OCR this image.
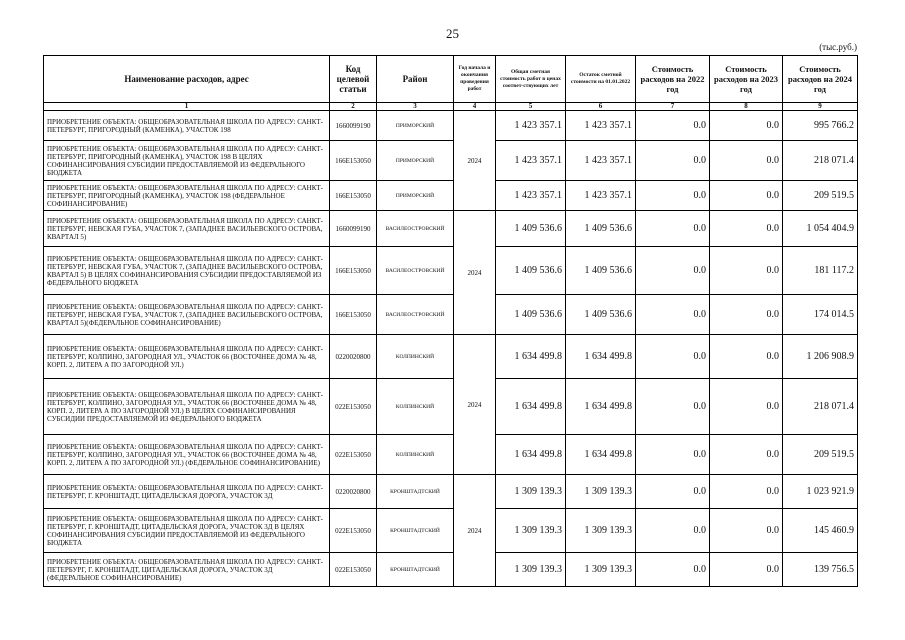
25
(тыс.руб.)
Наименование расходов, адрес	Код целевой статьи	Район	Год начала и окончания проведения работ	Общая сметная стоимость работ в ценах соответ-ствующих лет	Остаток сметной стоимости на 01.01.2022	Стоимость расходов на 2022 год	Стоимость расходов на 2023 год	Стоимость расходов на 2024 год
1	2	3	4	5	6	7	8	9
ПРИОБРЕТЕНИЕ ОБЪЕКТА: ОБЩЕОБРАЗОВАТЕЛЬНАЯ ШКОЛА ПО АДРЕСУ: САНКТ-ПЕТЕРБУРГ, ПРИГОРОДНЫЙ (КАМЕНКА), УЧАСТОК 198	1660099190	ПРИМОРСКИЙ	2024	1 423 357.1	1 423 357.1	0.0	0.0	995 766.2
ПРИОБРЕТЕНИЕ ОБЪЕКТА: ОБЩЕОБРАЗОВАТЕЛЬНАЯ ШКОЛА ПО АДРЕСУ: САНКТ-ПЕТЕРБУРГ, ПРИГОРОДНЫЙ (КАМЕНКА), УЧАСТОК 198 В ЦЕЛЯХ СОФИНАНСИРОВАНИЯ СУБСИДИИ ПРЕДОСТАВЛЯЕМОЙ ИЗ ФЕДЕРАЛЬНОГО БЮДЖЕТА	166E153050	ПРИМОРСКИЙ		1 423 357.1	1 423 357.1	0.0	0.0	218 071.4
ПРИОБРЕТЕНИЕ ОБЪЕКТА: ОБЩЕОБРАЗОВАТЕЛЬНАЯ ШКОЛА ПО АДРЕСУ: САНКТ-ПЕТЕРБУРГ, ПРИГОРОДНЫЙ (КАМЕНКА), УЧАСТОК 198 (ФЕДЕРАЛЬНОЕ СОФИНАНСИРОВАНИЕ)	166E153050	ПРИМОРСКИЙ		1 423 357.1	1 423 357.1	0.0	0.0	209 519.5
ПРИОБРЕТЕНИЕ ОБЪЕКТА: ОБЩЕОБРАЗОВАТЕЛЬНАЯ ШКОЛА ПО АДРЕСУ: САНКТ-ПЕТЕРБУРГ, НЕВСКАЯ ГУБА, УЧАСТОК 7, (ЗАПАДНЕЕ ВАСИЛЬЕВСКОГО ОСТРОВА, КВАРТАЛ 5)	1660099190	ВАСИЛЕОСТРОВСКИЙ	2024	1 409 536.6	1 409 536.6	0.0	0.0	1 054 404.9
ПРИОБРЕТЕНИЕ ОБЪЕКТА: ОБЩЕОБРАЗОВАТЕЛЬНАЯ ШКОЛА ПО АДРЕСУ: САНКТ-ПЕТЕРБУРГ, НЕВСКАЯ ГУБА, УЧАСТОК 7, (ЗАПАДНЕЕ ВАСИЛЬЕВСКОГО ОСТРОВА, КВАРТАЛ 5) В ЦЕЛЯХ СОФИНАНСИРОВАНИЯ СУБСИДИИ ПРЕДОСТАВЛЯЕМОЙ ИЗ ФЕДЕРАЛЬНОГО БЮДЖЕТА	166E153050	ВАСИЛЕОСТРОВСКИЙ		1 409 536.6	1 409 536.6	0.0	0.0	181 117.2
ПРИОБРЕТЕНИЕ ОБЪЕКТА: ОБЩЕОБРАЗОВАТЕЛЬНАЯ ШКОЛА ПО АДРЕСУ: САНКТ-ПЕТЕРБУРГ, НЕВСКАЯ ГУБА, УЧАСТОК 7, (ЗАПАДНЕЕ ВАСИЛЬЕВСКОГО ОСТРОВА, КВАРТАЛ 5)(ФЕДЕРАЛЬНОЕ СОФИНАНСИРОВАНИЕ)	166E153050	ВАСИЛЕОСТРОВСКИЙ		1 409 536.6	1 409 536.6	0.0	0.0	174 014.5
ПРИОБРЕТЕНИЕ ОБЪЕКТА: ОБЩЕОБРАЗОВАТЕЛЬНАЯ ШКОЛА ПО АДРЕСУ: САНКТ-ПЕТЕРБУРГ, КОЛПИНО, ЗАГОРОДНАЯ УЛ., УЧАСТОК 66 (ВОСТОЧНЕЕ ДОМА № 48, КОРП. 2, ЛИТЕРА А ПО ЗАГОРОДНОЙ УЛ.)	0220020800	КОЛПИНСКИЙ	2024	1 634 499.8	1 634 499.8	0.0	0.0	1 206 908.9
ПРИОБРЕТЕНИЕ ОБЪЕКТА: ОБЩЕОБРАЗОВАТЕЛЬНАЯ ШКОЛА ПО АДРЕСУ: САНКТ-ПЕТЕРБУРГ, КОЛПИНО, ЗАГОРОДНАЯ УЛ., УЧАСТОК 66 (ВОСТОЧНЕЕ ДОМА № 48, КОРП. 2, ЛИТЕРА А ПО ЗАГОРОДНОЙ УЛ.) В ЦЕЛЯХ СОФИНАНСИРОВАНИЯ СУБСИДИИ ПРЕДОСТАВЛЯЕМОЙ ИЗ ФЕДЕРАЛЬНОГО БЮДЖЕТА	022E153050	КОЛПИНСКИЙ		1 634 499.8	1 634 499.8	0.0	0.0	218 071.4
ПРИОБРЕТЕНИЕ ОБЪЕКТА: ОБЩЕОБРАЗОВАТЕЛЬНАЯ ШКОЛА ПО АДРЕСУ: САНКТ-ПЕТЕРБУРГ, КОЛПИНО, ЗАГОРОДНАЯ УЛ., УЧАСТОК 66 (ВОСТОЧНЕЕ ДОМА № 48, КОРП. 2, ЛИТЕРА А ПО ЗАГОРОДНОЙ УЛ.) (ФЕДЕРАЛЬНОЕ СОФИНАНСИРОВАНИЕ)	022E153050	КОЛПИНСКИЙ		1 634 499.8	1 634 499.8	0.0	0.0	209 519.5
ПРИОБРЕТЕНИЕ ОБЪЕКТА: ОБЩЕОБРАЗОВАТЕЛЬНАЯ ШКОЛА ПО АДРЕСУ: САНКТ-ПЕТЕРБУРГ, Г. КРОНШТАДТ, ЦИТАДЕЛЬСКАЯ ДОРОГА, УЧАСТОК 3Д	0220020800	КРОНШТАДТСКИЙ	2024	1 309 139.3	1 309 139.3	0.0	0.0	1 023 921.9
ПРИОБРЕТЕНИЕ ОБЪЕКТА: ОБЩЕОБРАЗОВАТЕЛЬНАЯ ШКОЛА ПО АДРЕСУ: САНКТ-ПЕТЕРБУРГ, Г. КРОНШТАДТ, ЦИТАДЕЛЬСКАЯ ДОРОГА, УЧАСТОК 3Д В ЦЕЛЯХ СОФИНАНСИРОВАНИЯ СУБСИДИИ ПРЕДОСТАВЛЯЕМОЙ ИЗ ФЕДЕРАЛЬНОГО БЮДЖЕТА	022E153050	КРОНШТАДТСКИЙ		1 309 139.3	1 309 139.3	0.0	0.0	145 460.9
ПРИОБРЕТЕНИЕ ОБЪЕКТА: ОБЩЕОБРАЗОВАТЕЛЬНАЯ ШКОЛА ПО АДРЕСУ: САНКТ-ПЕТЕРБУРГ, Г. КРОНШТАДТ, ЦИТАДЕЛЬСКАЯ ДОРОГА, УЧАСТОК 3Д (ФЕДЕРАЛЬНОЕ СОФИНАНСИРОВАНИЕ)	022E153050	КРОНШТАДТСКИЙ		1 309 139.3	1 309 139.3	0.0	0.0	139 756.5
